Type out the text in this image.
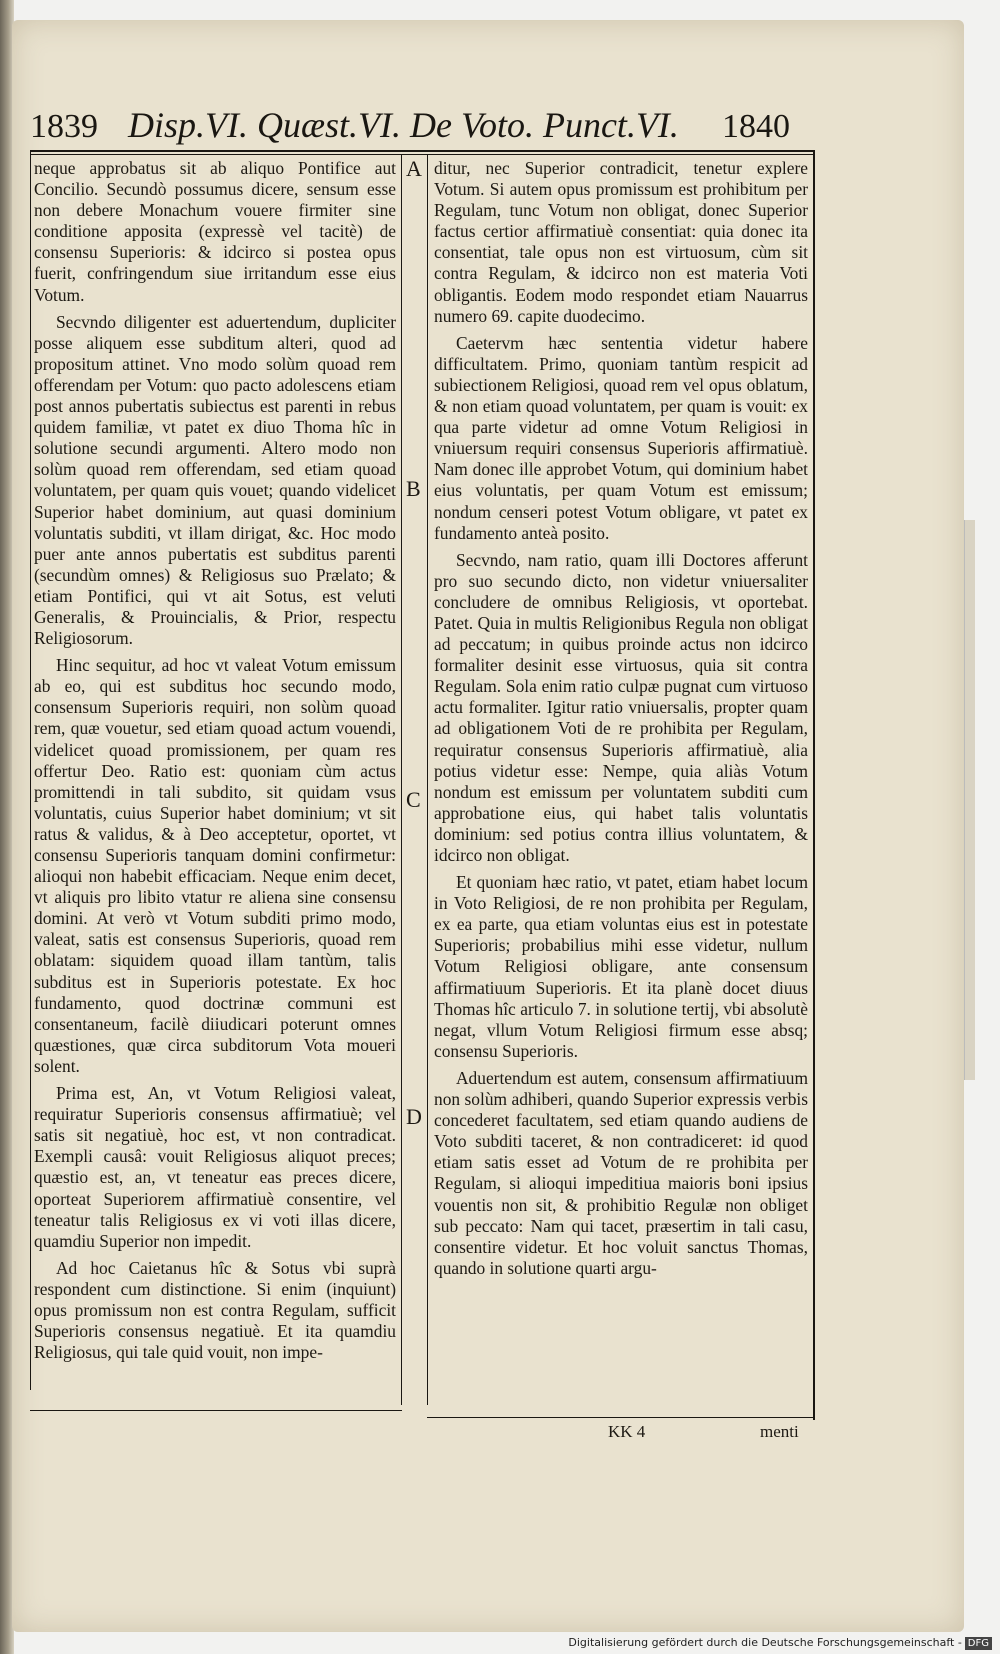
1839 Disp.VI. Quæst.VI. De Voto. Punct.VI. 1840
A
B
C
D

neque approbatus sit ab aliquo Pontifice aut Concilio. Secundò possumus dicere, sensum esse non debere Monachum vouere firmiter sine conditione apposita (expressè vel tacitè) de consensu Superioris: & idcirco si postea opus fuerit, confringendum siue irritandum esse eius Votum.

Secvndo diligenter est aduertendum, dupliciter posse aliquem esse subditum alteri, quod ad propositum attinet. Vno modo solùm quoad rem offerendam per Votum: quo pacto adolescens etiam post annos pubertatis subiectus est parenti in rebus quidem familiæ, vt patet ex diuo Thoma hîc in solutione secundi argumenti. Altero modo non solùm quoad rem offerendam, sed etiam quoad voluntatem, per quam quis vouet; quando videlicet Superior habet dominium, aut quasi dominium voluntatis subditi, vt illam dirigat, &c. Hoc modo puer ante annos pubertatis est subditus parenti (secundùm omnes) & Religiosus suo Prælato; & etiam Pontifici, qui vt ait Sotus, est veluti Generalis, & Prouincialis, & Prior, respectu Religiosorum.

Hinc sequitur, ad hoc vt valeat Votum emissum ab eo, qui est subditus hoc secundo modo, consensum Superioris requiri, non solùm quoad rem, quæ vouetur, sed etiam quoad actum vouendi, videlicet quoad promissionem, per quam res offertur Deo. Ratio est: quoniam cùm actus promittendi in tali subdito, sit quidam vsus voluntatis, cuius Superior habet dominium; vt sit ratus & validus, & à Deo acceptetur, oportet, vt consensu Superioris tanquam domini confirmetur: alioqui non habebit efficaciam. Neque enim decet, vt aliquis pro libito vtatur re aliena sine consensu domini. At verò vt Votum subditi primo modo, valeat, satis est consensus Superioris, quoad rem oblatam: siquidem quoad illam tantùm, talis subditus est in Superioris potestate. Ex hoc fundamento, quod doctrinæ communi est consentaneum, facilè diiudicari poterunt omnes quæstiones, quæ circa subditorum Vota moueri solent.

Prima est, An, vt Votum Religiosi valeat, requiratur Superioris consensus affirmatiuè; vel satis sit negatiuè, hoc est, vt non contradicat. Exempli causâ: vouit Religiosus aliquot preces; quæstio est, an, vt teneatur eas preces dicere, oporteat Superiorem affirmatiuè consentire, vel teneatur talis Religiosus ex vi voti illas dicere, quamdiu Superior non impedit.

Ad hoc Caietanus hîc & Sotus vbi suprà respondent cum distinctione. Si enim (inquiunt) opus promissum non est contra Regulam, sufficit Superioris consensus negatiuè. Et ita quamdiu Religiosus, qui tale quid vouit, non impe-

ditur, nec Superior contradicit, tenetur explere Votum. Si autem opus promissum est prohibitum per Regulam, tunc Votum non obligat, donec Superior factus certior affirmatiuè consentiat: quia donec ita consentiat, tale opus non est virtuosum, cùm sit contra Regulam, & idcirco non est materia Voti obligantis. Eodem modo respondet etiam Nauarrus numero 69. capite duodecimo.

Caetervm hæc sententia videtur habere difficultatem. Primo, quoniam tantùm respicit ad subiectionem Religiosi, quoad rem vel opus oblatum, & non etiam quoad voluntatem, per quam is vouit: ex qua parte videtur ad omne Votum Religiosi in vniuersum requiri consensus Superioris affirmatiuè. Nam donec ille approbet Votum, qui dominium habet eius voluntatis, per quam Votum est emissum; nondum censeri potest Votum obligare, vt patet ex fundamento anteà posito.

Secvndo, nam ratio, quam illi Doctores afferunt pro suo secundo dicto, non videtur vniuersaliter concludere de omnibus Religiosis, vt oportebat. Patet. Quia in multis Religionibus Regula non obligat ad peccatum; in quibus proinde actus non idcirco formaliter desinit esse virtuosus, quia sit contra Regulam. Sola enim ratio culpæ pugnat cum virtuoso actu formaliter. Igitur ratio vniuersalis, propter quam ad obligationem Voti de re prohibita per Regulam, requiratur consensus Superioris affirmatiuè, alia potius videtur esse: Nempe, quia aliàs Votum nondum est emissum per voluntatem subditi cum approbatione eius, qui habet talis voluntatis dominium: sed potius contra illius voluntatem, & idcirco non obligat.

Et quoniam hæc ratio, vt patet, etiam habet locum in Voto Religiosi, de re non prohibita per Regulam, ex ea parte, qua etiam voluntas eius est in potestate Superioris; probabilius mihi esse videtur, nullum Votum Religiosi obligare, ante consensum affirmatiuum Superioris. Et ita planè docet diuus Thomas hîc articulo 7. in solutione tertij, vbi absolutè negat, vllum Votum Religiosi firmum esse absq; consensu Superioris.

Aduertendum est autem, consensum affirmatiuum non solùm adhiberi, quando Superior expressis verbis concederet facultatem, sed etiam quando audiens de Voto subditi taceret, & non contradiceret: id quod etiam satis esset ad Votum de re prohibita per Regulam, si alioqui impeditiua maioris boni ipsius vouentis non sit, & prohibitio Regulæ non obliget sub peccato: Nam qui tacet, præsertim in tali casu, consentire videtur. Et hoc voluit sanctus Thomas, quando in solutione quarti argu-

KK 4	menti
Digitalisierung gefördert durch die Deutsche Forschungsgemeinschaft - DFG
